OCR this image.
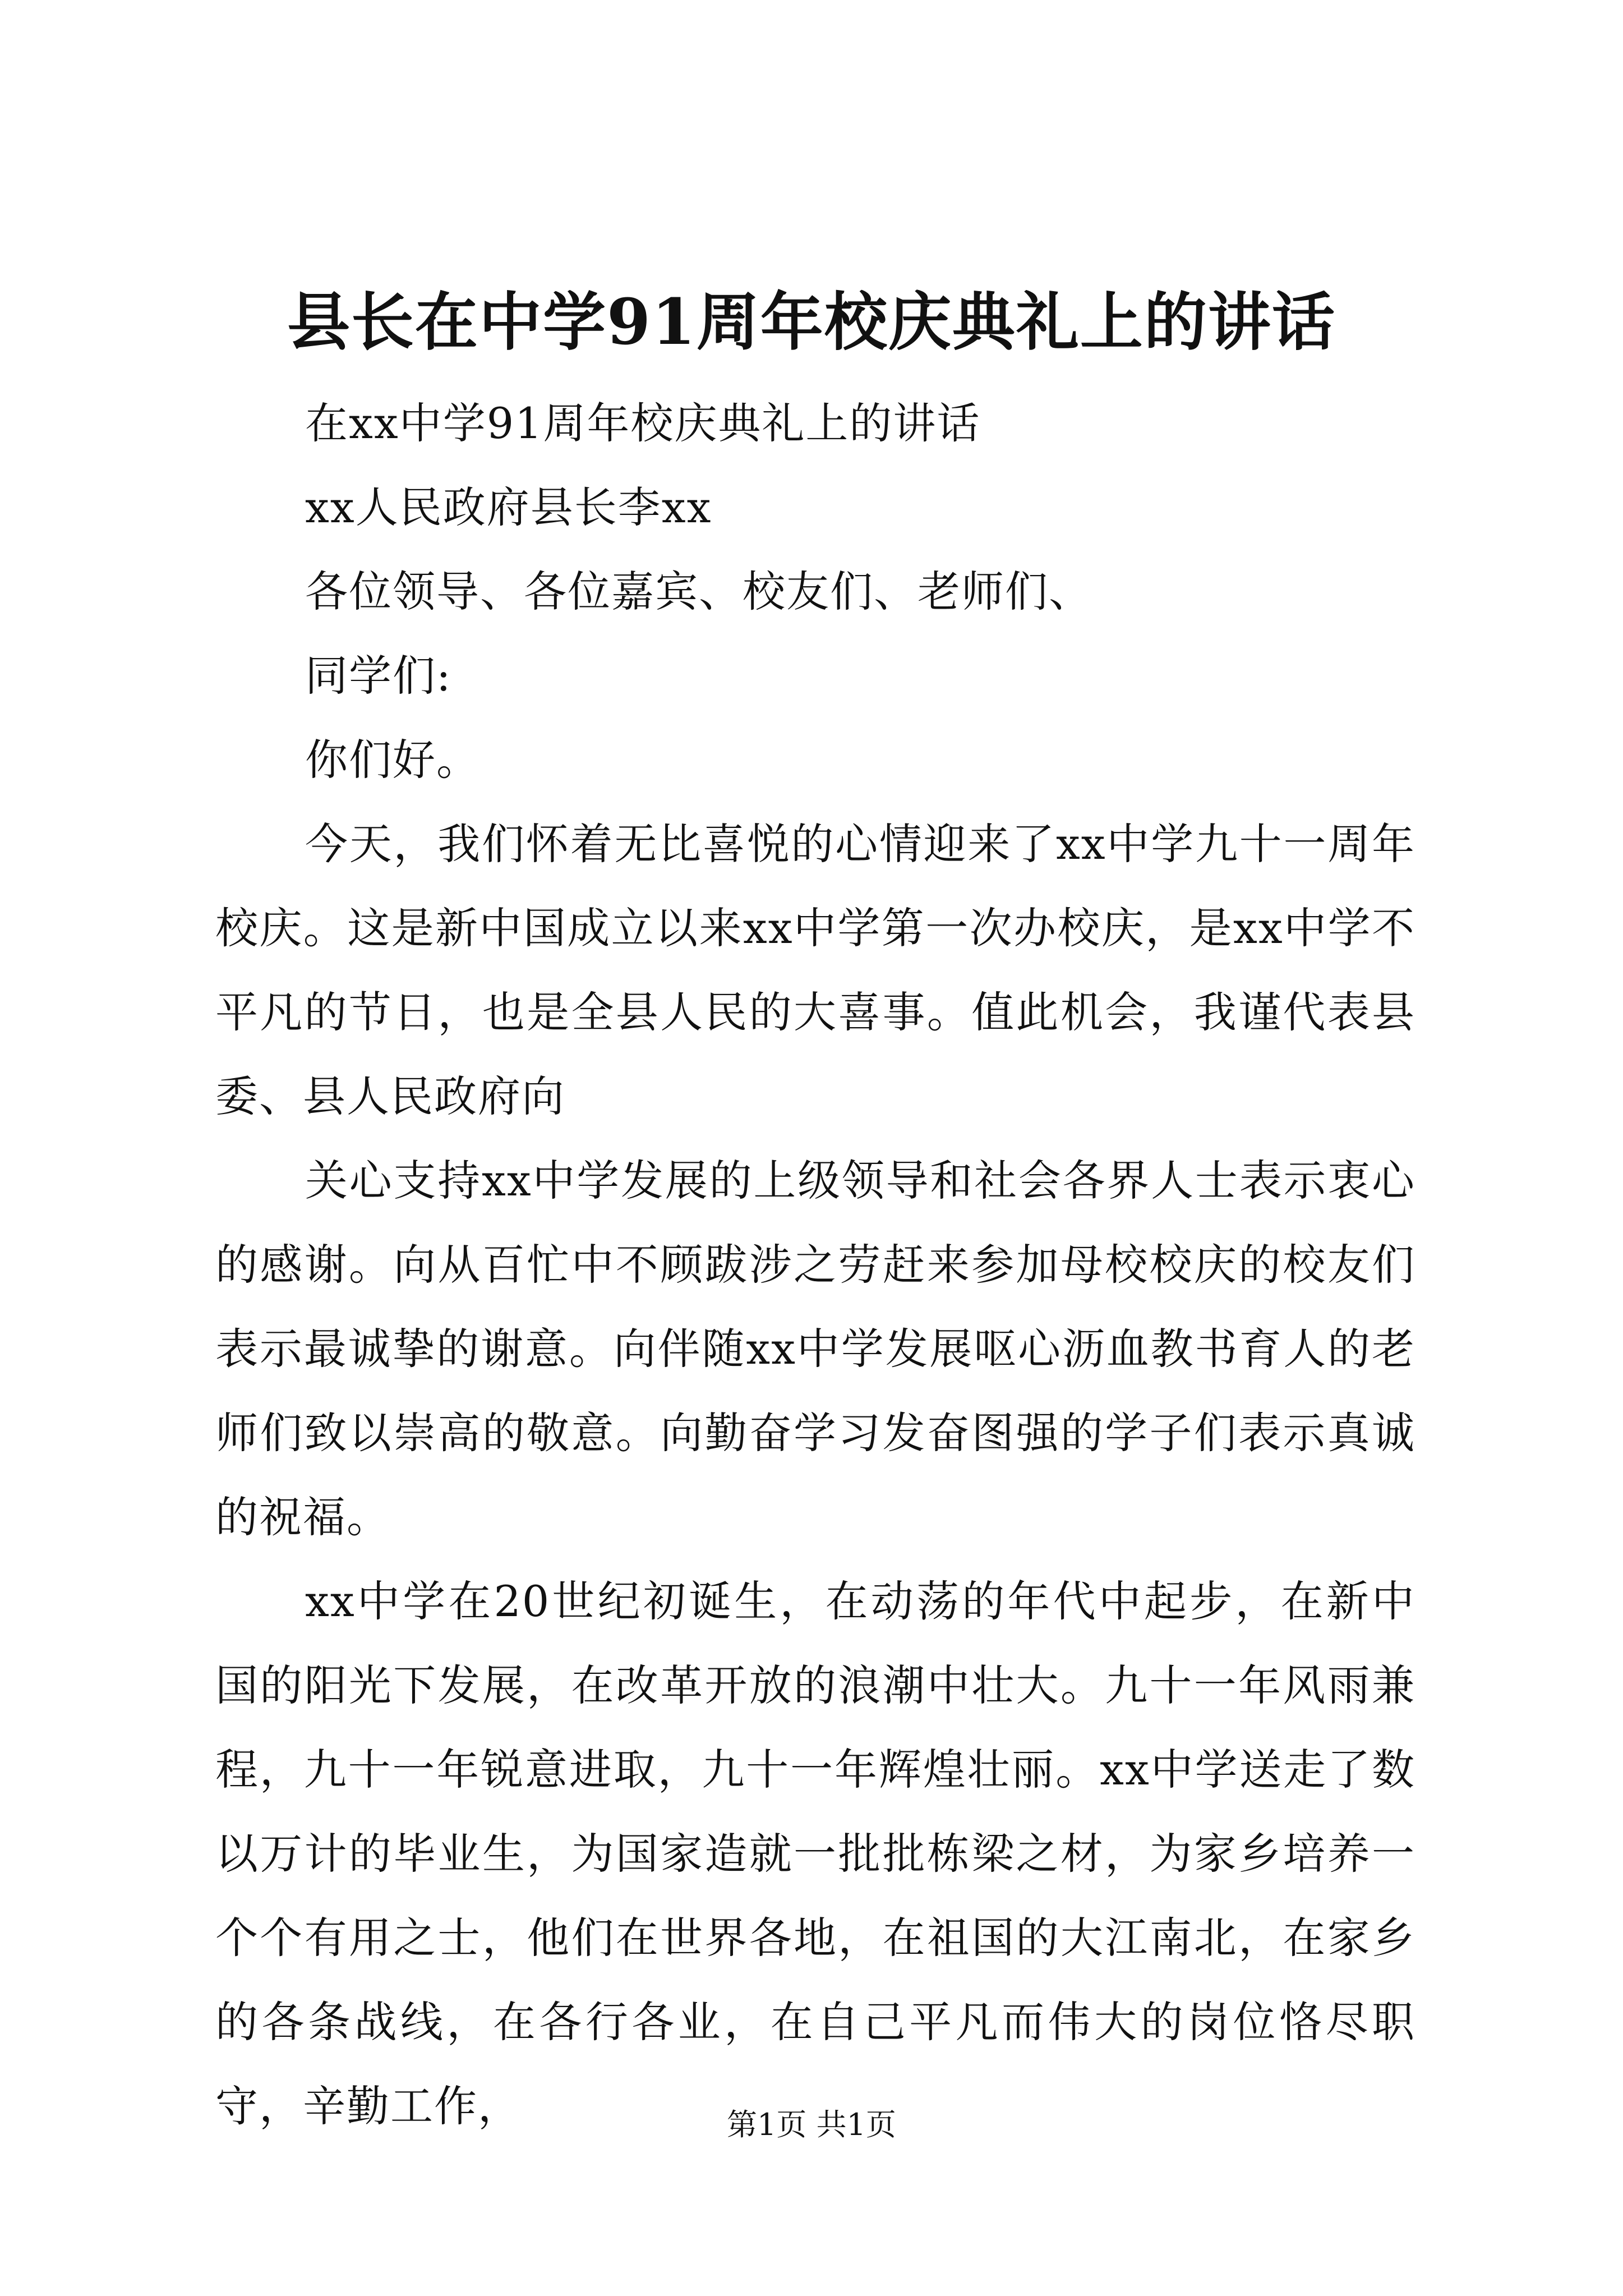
县长在中学91周年校庆典礼上的讲话

在xx中学91周年校庆典礼上的讲话

xx人民政府县长李xx

各位领导、各位嘉宾、校友们、老师们、

同学们:

你们好。

今天，我们怀着无比喜悦的心情迎来了xx中学九十一周年校庆。这是新中国成立以来xx中学第一次办校庆，是xx中学不平凡的节日，也是全县人民的大喜事。值此机会，我谨代表县委、县人民政府向

关心支持xx中学发展的上级领导和社会各界人士表示衷心的感谢。向从百忙中不顾跋涉之劳赶来参加母校校庆的校友们表示最诚挚的谢意。向伴随xx中学发展呕心沥血教书育人的老师们致以崇高的敬意。向勤奋学习发奋图强的学子们表示真诚的祝福。

xx中学在20世纪初诞生，在动荡的年代中起步，在新中国的阳光下发展，在改革开放的浪潮中壮大。九十一年风雨兼程，九十一年锐意进取，九十一年辉煌壮丽。xx中学送走了数以万计的毕业生，为国家造就一批批栋梁之材，为家乡培养一个个有用之士，他们在世界各地，在祖国的大江南北，在家乡的各条战线，在各行各业，在自己平凡而伟大的岗位恪尽职守，辛勤工作，	第1页 共1页
